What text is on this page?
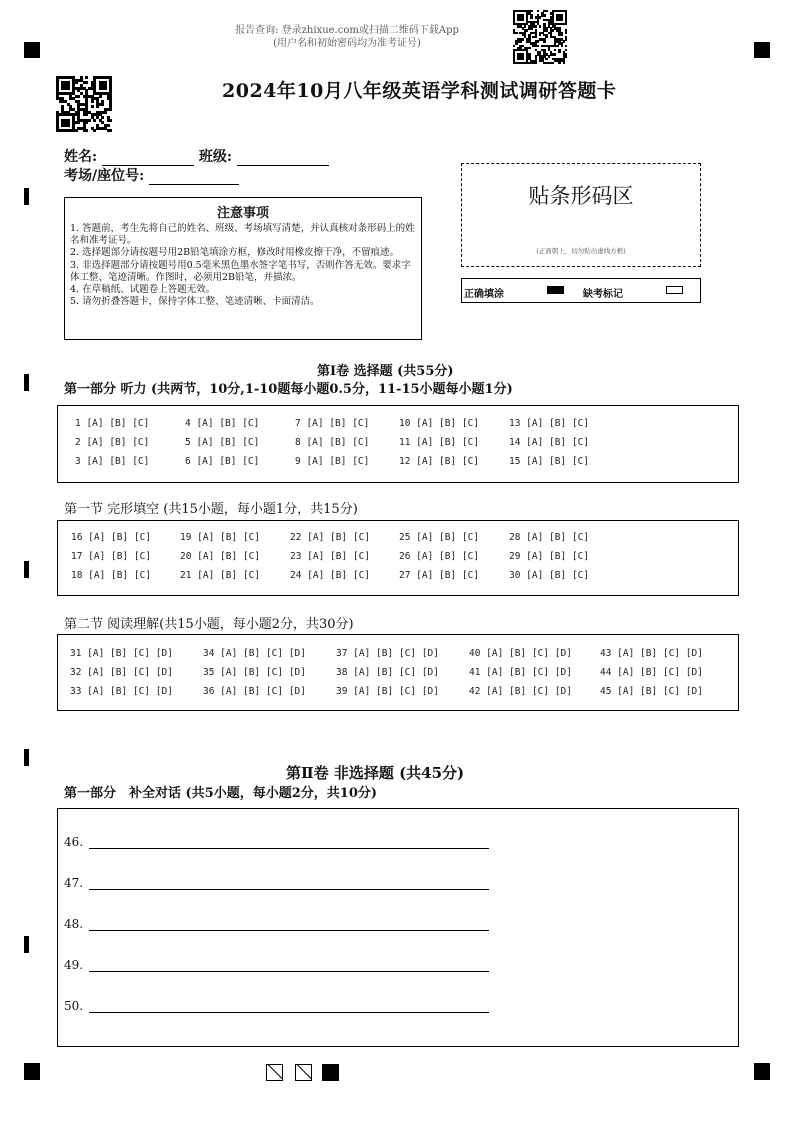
报告查询: 登录zhixue.com或扫描二维码下载App
(用户名和初始密码均为准考证号)
2024年10月八年级英语学科测试调研答题卡
姓名:	班级:
考场/座位号:
注意事项

1. 答题前，考生先将自己的姓名、班级、考场填写清楚，并认真核对条形码上的姓名和准考证号。

2. 选择题部分请按题号用2B铅笔填涂方框，修改时用橡皮擦干净，不留痕迹。

3. 非选择题部分请按题号用0.5毫米黑色墨水签字笔书写，否则作答无效。要求字体工整、笔迹清晰。作图时，必须用2B铅笔，并描浓。

4. 在草稿纸、试题卷上答题无效。

5. 请勿折叠答题卡，保持字体工整、笔迹清晰、卡面清洁。

贴条形码区
(正面朝上，切勿贴出虚线方框)
正确填涂	缺考标记
第Ⅰ卷 选择题 (共55分)
第一部分 听力 (共两节，10分,1-10题每小题0.5分，11-15小题每小题1分)
1 [A] [B] [C]	4 [A] [B] [C]	7 [A] [B] [C]	10 [A] [B] [C]	13 [A] [B] [C]
2 [A] [B] [C]	5 [A] [B] [C]	8 [A] [B] [C]	11 [A] [B] [C]	14 [A] [B] [C]
3 [A] [B] [C]	6 [A] [B] [C]	9 [A] [B] [C]	12 [A] [B] [C]	15 [A] [B] [C]
第一节 完形填空 (共15小题，每小题1分，共15分)
16 [A] [B] [C]	19 [A] [B] [C]	22 [A] [B] [C]	25 [A] [B] [C]	28 [A] [B] [C]
17 [A] [B] [C]	20 [A] [B] [C]	23 [A] [B] [C]	26 [A] [B] [C]	29 [A] [B] [C]
18 [A] [B] [C]	21 [A] [B] [C]	24 [A] [B] [C]	27 [A] [B] [C]	30 [A] [B] [C]
第二节 阅读理解(共15小题，每小题2分，共30分)
31 [A] [B] [C] [D]	34 [A] [B] [C] [D]	37 [A] [B] [C] [D]	40 [A] [B] [C] [D]	43 [A] [B] [C] [D]
32 [A] [B] [C] [D]	35 [A] [B] [C] [D]	38 [A] [B] [C] [D]	41 [A] [B] [C] [D]	44 [A] [B] [C] [D]
33 [A] [B] [C] [D]	36 [A] [B] [C] [D]	39 [A] [B] [C] [D]	42 [A] [B] [C] [D]	45 [A] [B] [C] [D]
第Ⅱ卷 非选择题 (共45分)
第一部分　补全对话 (共5小题，每小题2分，共10分)
46.
47.
48.
49.
50.
